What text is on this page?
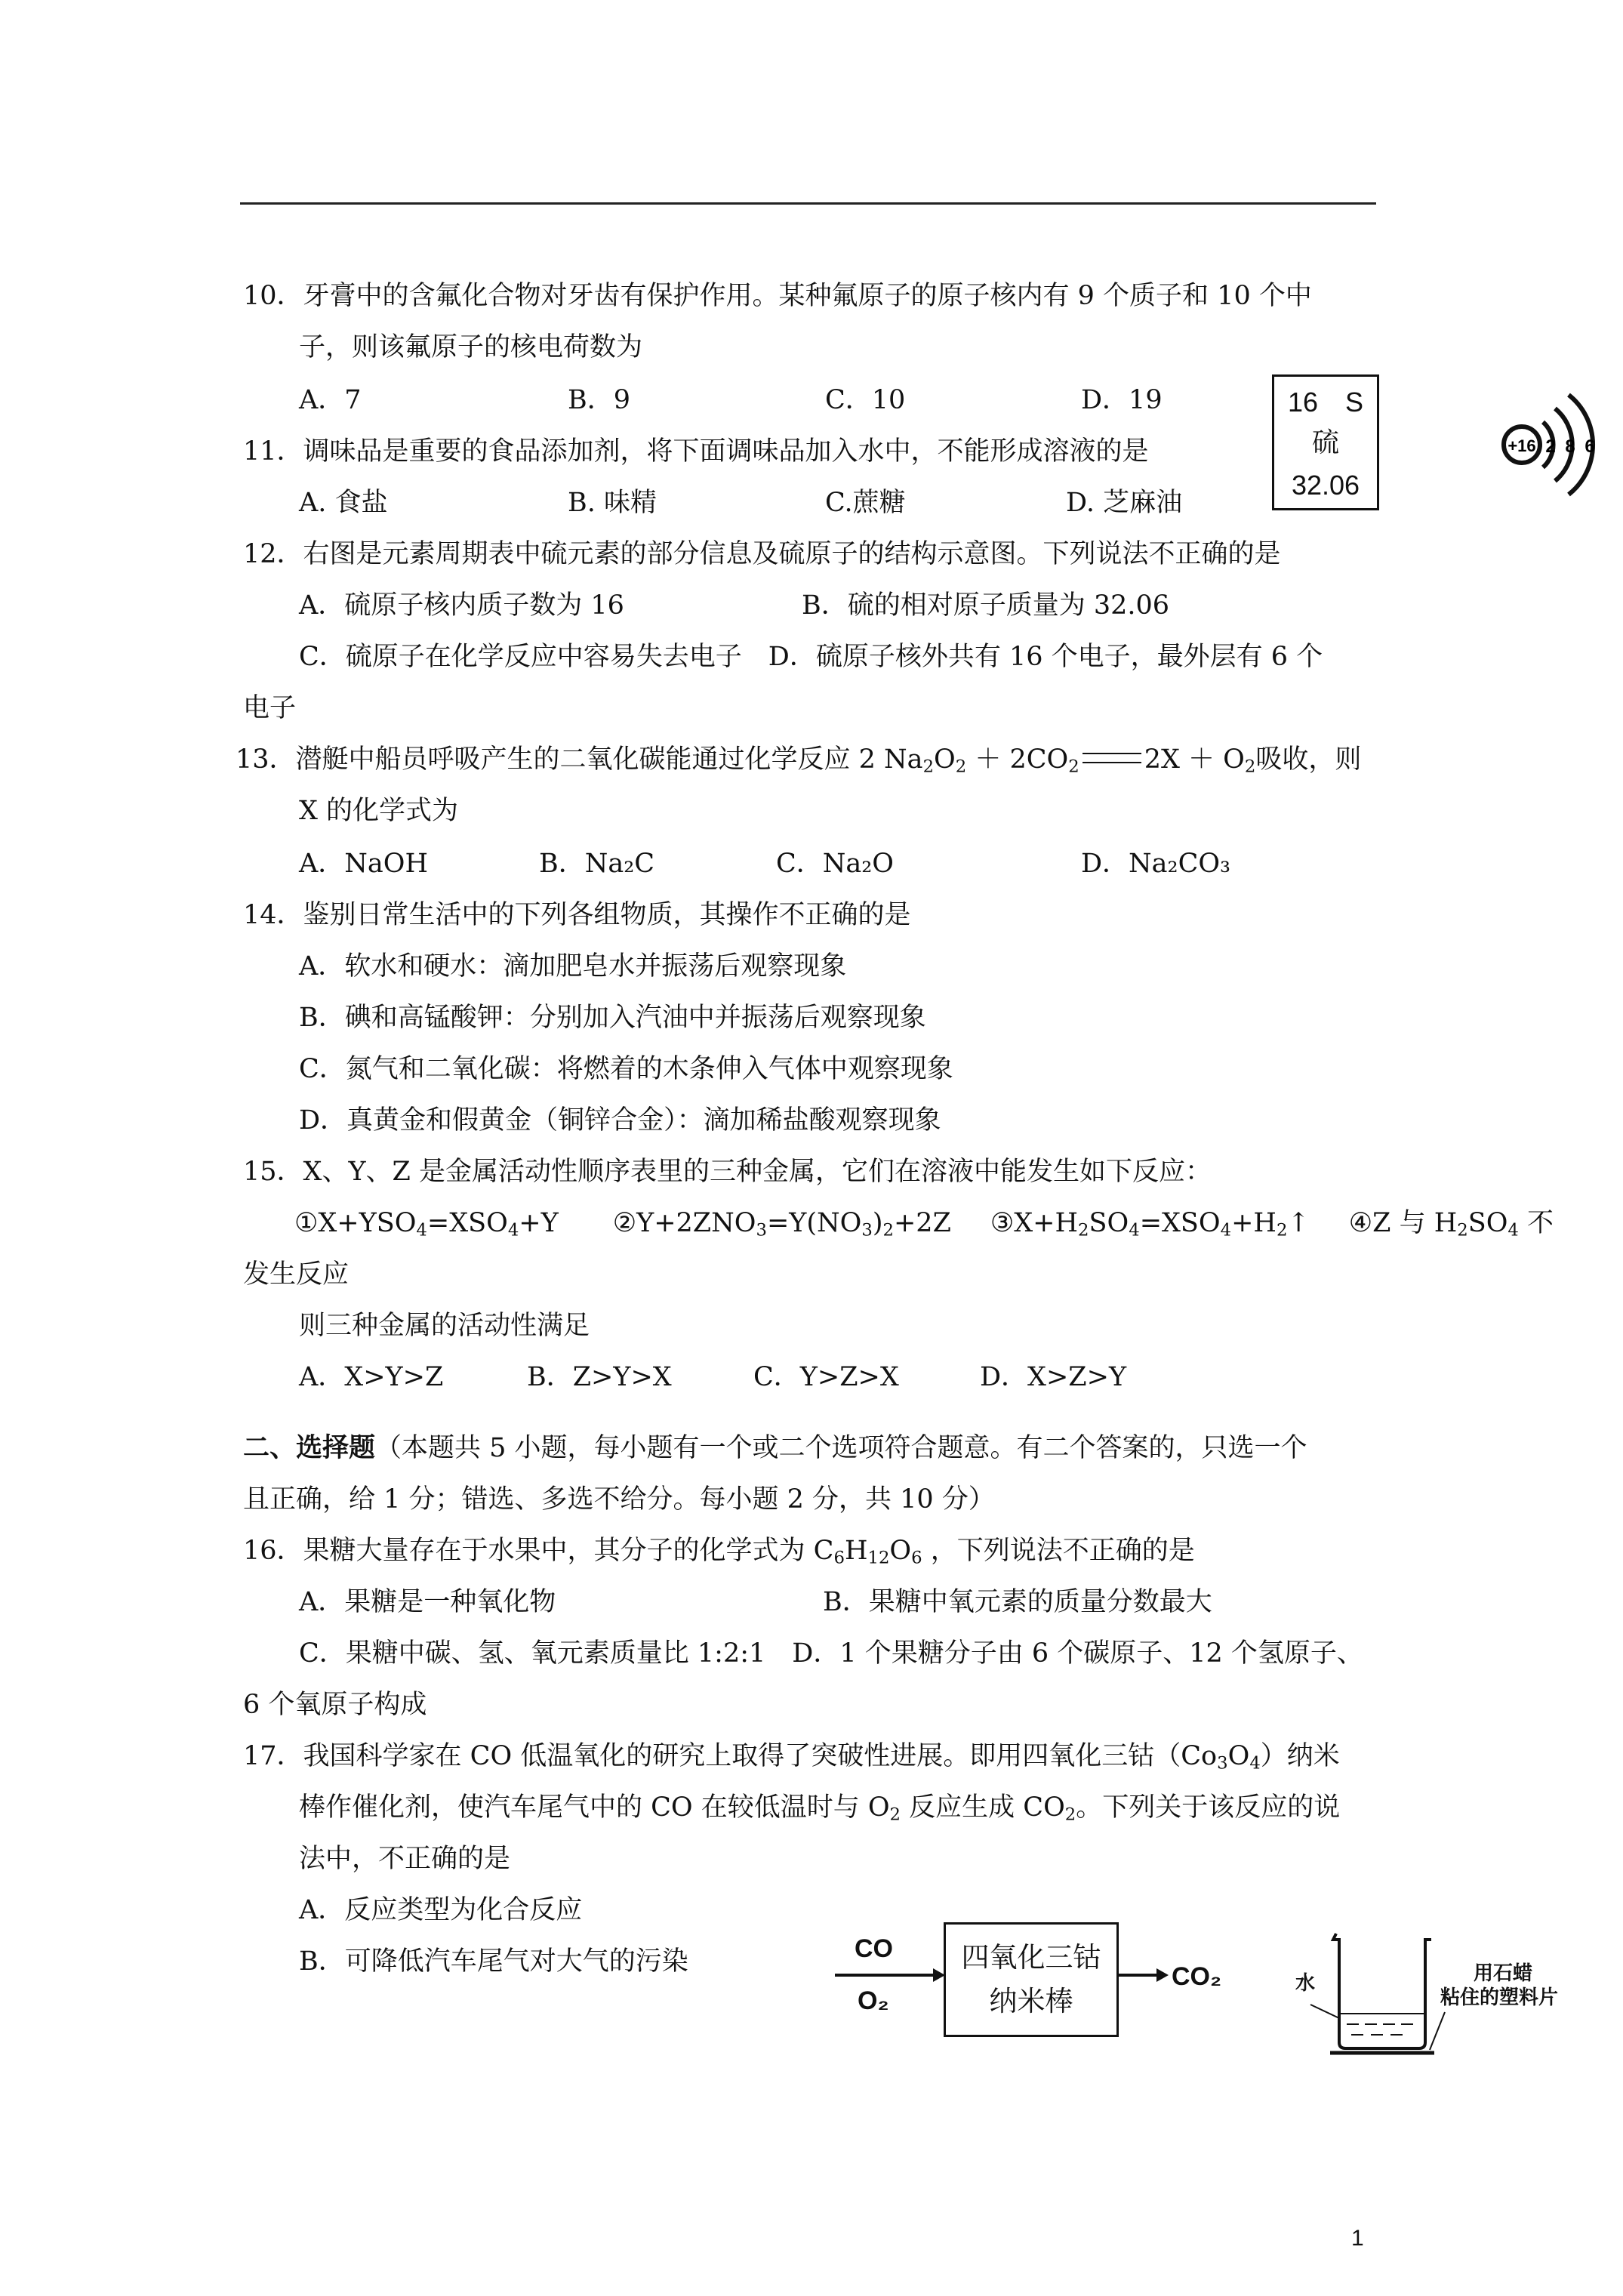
10．牙膏中的含氟化合物对牙齿有保护作用。某种氟原子的原子核内有 9 个质子和 10 个中
子，则该氟原子的核电荷数为
A．7	B．9	C．10	D．19	16　S
硫
32.06
+16 2 8 6
11．调味品是重要的食品添加剂，将下面调味品加入水中，不能形成溶液的是
A. 食盐	B. 味精	C.蔗糖	D. 芝麻油
12．右图是元素周期表中硫元素的部分信息及硫原子的结构示意图。下列说法不正确的是
A．硫原子核内质子数为 16	B．硫的相对原子质量为 32.06
C．硫原子在化学反应中容易失去电子　D．硫原子核外共有 16 个电子，最外层有 6 个
电子
13．潜艇中船员呼吸产生的二氧化碳能通过化学反应 2 $Na_2O_2 + 2CO_2$ $2X + O_2$吸收，则
X 的化学式为
A．NaOH	B．Na₂C	C．Na₂O	D．Na₂CO₃
14．鉴别日常生活中的下列各组物质，其操作不正确的是
A．软水和硬水：滴加肥皂水并振荡后观察现象
B．碘和高锰酸钾：分别加入汽油中并振荡后观察现象
C．氮气和二氧化碳：将燃着的木条伸入气体中观察现象
D．真黄金和假黄金（铜锌合金）：滴加稀盐酸观察现象
15．X、Y、Z 是金属活动性顺序表里的三种金属，它们在溶液中能发生如下反应：
$①X+YSO_4=XSO_4+Y$ $②Y+2ZNO_3=Y(NO_3)_2+2Z$ $③X+H_2SO_4=XSO_4+H_2↑$ ④Z 与 $H_2SO_4$ 不
发生反应
则三种金属的活动性满足
A．X>Y>Z	B．Z>Y>X	C．Y>Z>X	D．X>Z>Y
二、选择题（本题共 5 小题，每小题有一个或二个选项符合题意。有二个答案的，只选一个
且正确，给 1 分；错选、多选不给分。每小题 2 分，共 10 分）
16．果糖大量存在于水果中，其分子的化学式为 $C_6H_{12}O_6$ ，下列说法不正确的是
A．果糖是一种氧化物	B．果糖中氧元素的质量分数最大
C．果糖中碳、氢、氧元素质量比 1:2:1　D．1 个果糖分子由 6 个碳原子、12 个氢原子、
6 个氧原子构成
17．我国科学家在 CO 低温氧化的研究上取得了突破性进展。即用四氧化三钴$(Co_3O_4)$纳米
棒作催化剂，使汽车尾气中的 CO 在较低温时与 $O_2$ 反应生成 $CO_2$。下列关于该反应的说
法中，不正确的是
A．反应类型为化合反应
B．可降低汽车尾气对大气的污染	CO
O₂
四氧化三钴
纳米棒
CO₂	水	用石蜡
粘住的塑料片
1
